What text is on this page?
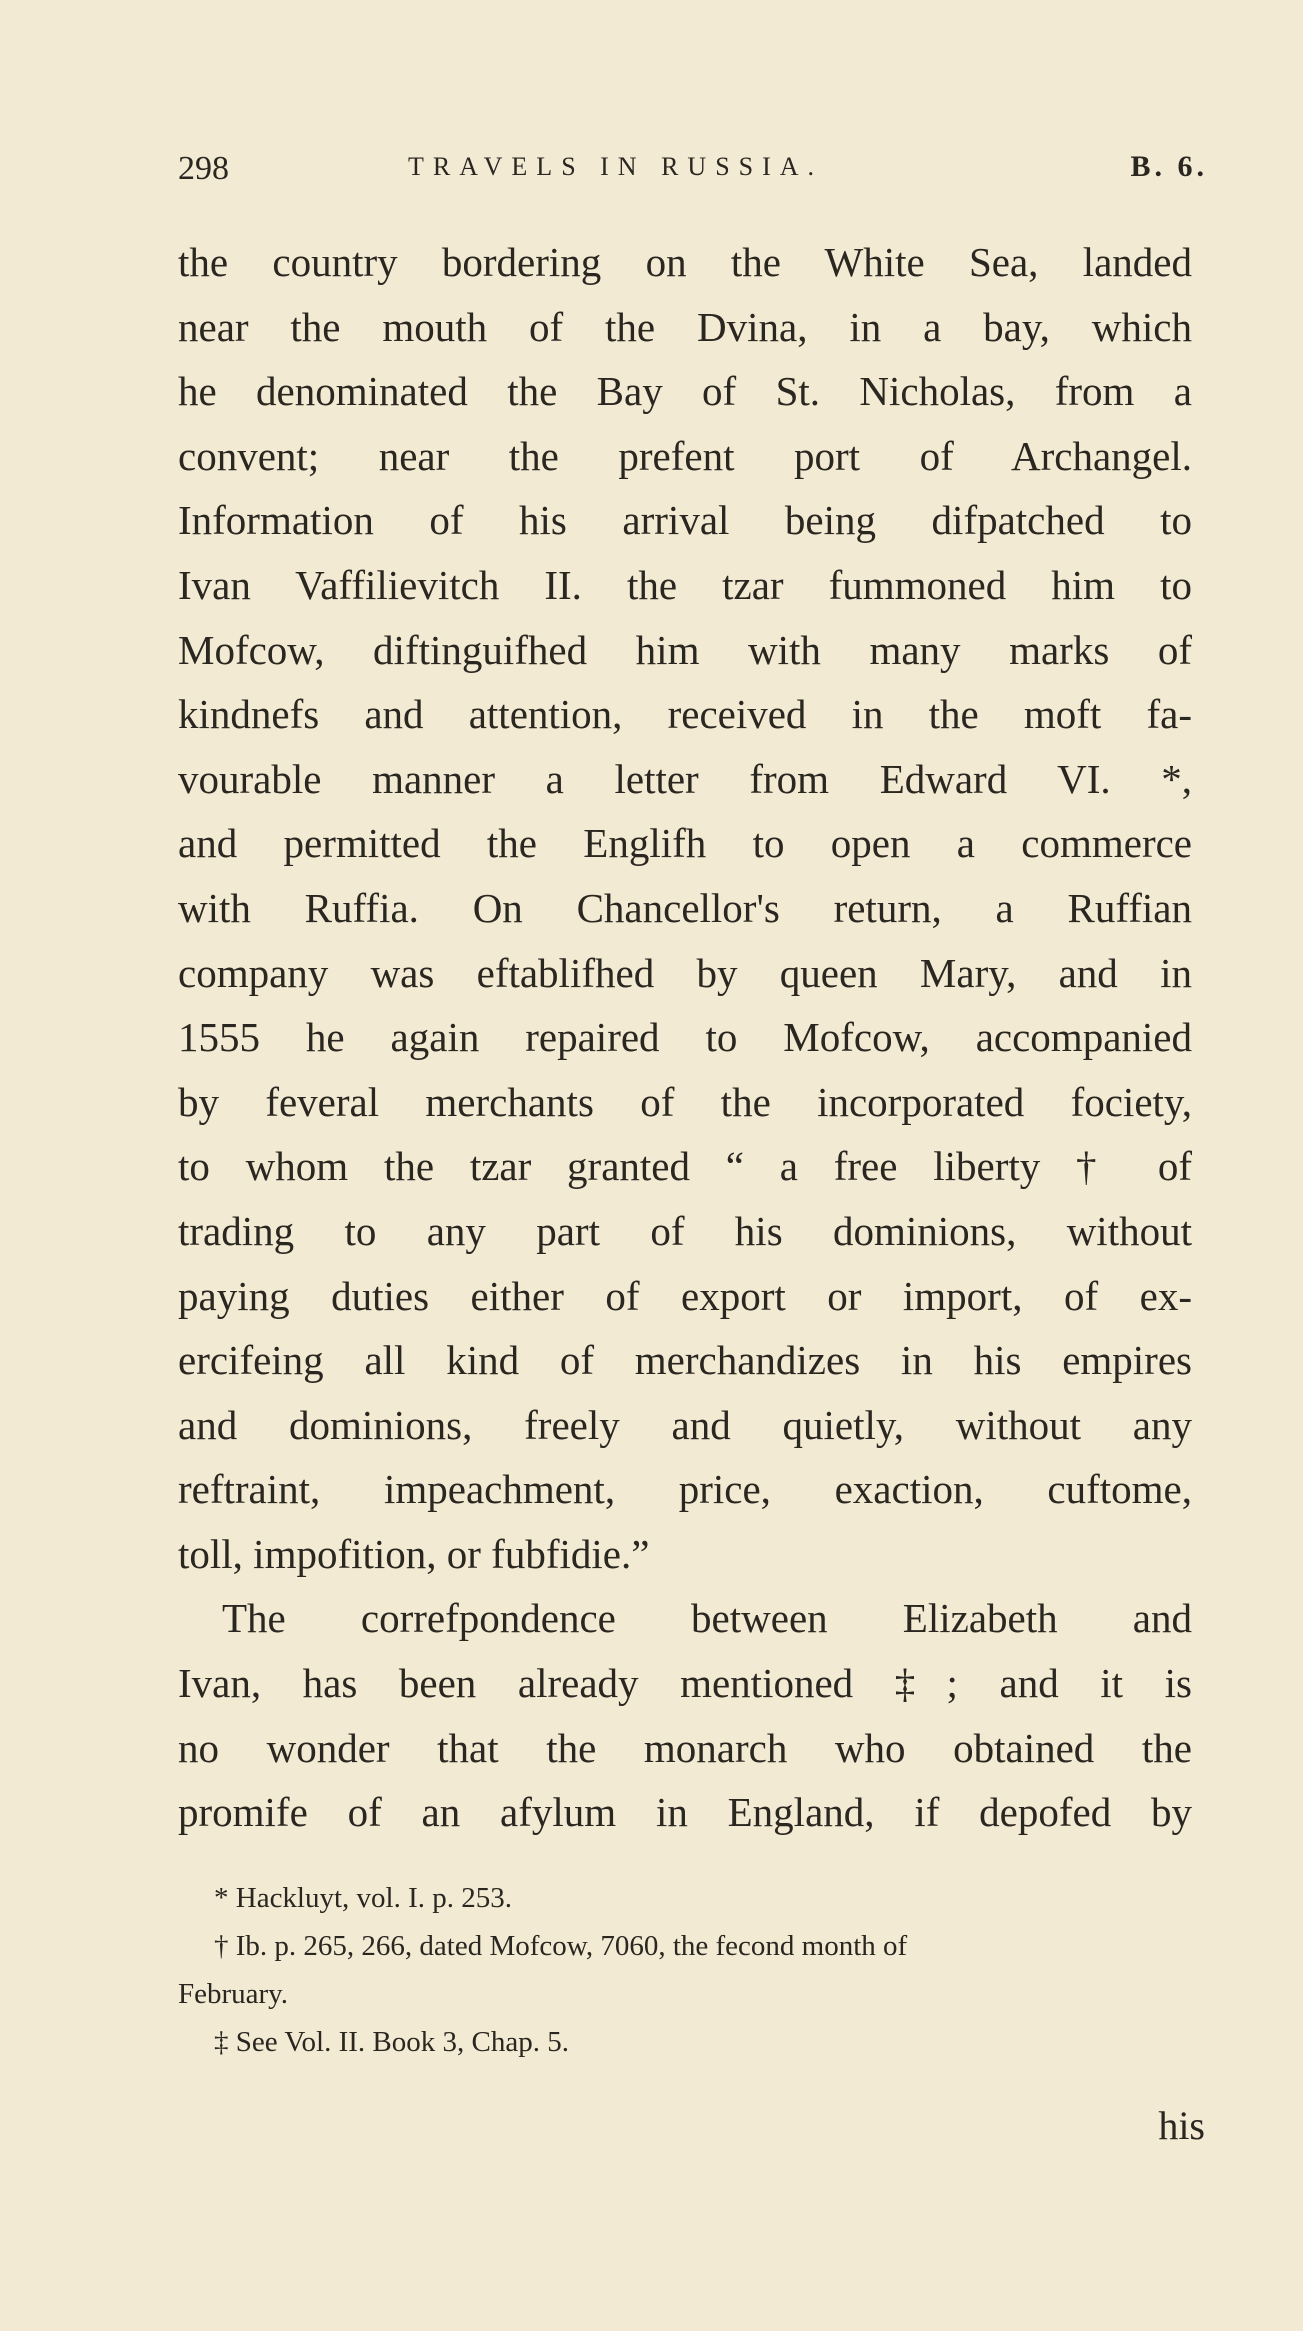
298	TRAVELS IN RUSSIA.	B. 6.
the country bordering on the White Sea, landed
near the mouth of the Dvina, in a bay, which
he denominated the Bay of St. Nicholas, from a
convent; near the prefent port of Archangel.
Information of his arrival being difpatched to
Ivan Vaffilievitch II. the tzar fummoned him to
Mofcow, diftinguifhed him with many marks of
kindnefs and attention, received in the moft fa-
vourable manner a letter from Edward VI. *,
and permitted the Englifh to open a commerce
with Ruffia. On Chancellor's return, a Ruffian
company was eftablifhed by queen Mary, and in
1555 he again repaired to Mofcow, accompanied
by feveral merchants of the incorporated fociety,
to whom the tzar granted “ a free liberty † of
trading to any part of his dominions, without
paying duties either of export or import, of ex-
ercifeing all kind of merchandizes in his empires
and dominions, freely and quietly, without any
reftraint, impeachment, price, exaction, cuftome,
toll, impofition, or fubfidie.”
The correfpondence between Elizabeth and
Ivan, has been already mentioned ‡; and it is
no wonder that the monarch who obtained the
promife of an afylum in England, if depofed by
* Hackluyt, vol. I. p. 253.
† Ib. p. 265, 266, dated Mofcow, 7060, the fecond month of
February.
‡ See Vol. II. Book 3, Chap. 5.
his
